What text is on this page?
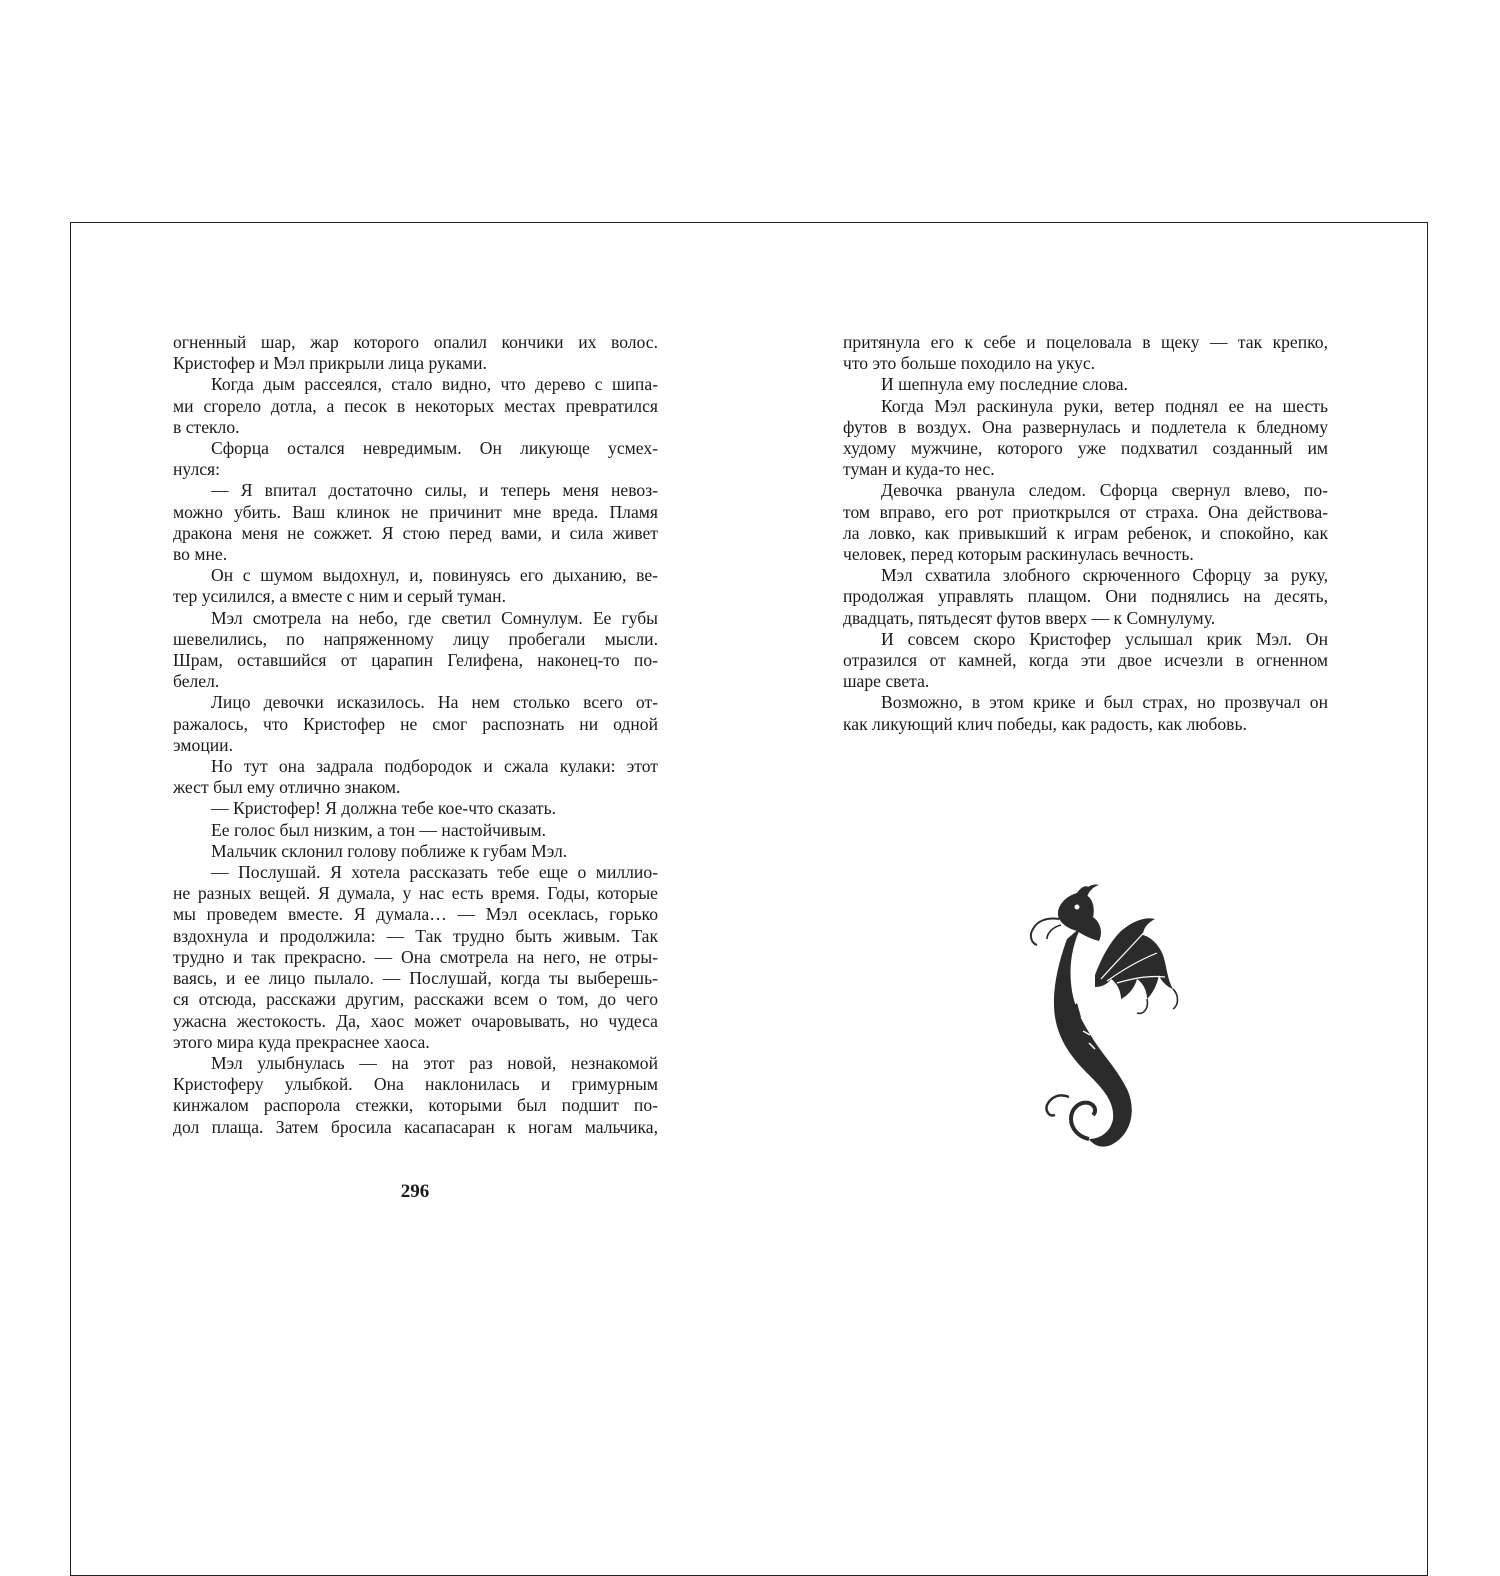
огненный шар, жар которого опалил кончики их волос.
Кристофер и Мэл прикрыли лица руками.
Когда дым рассеялся, стало видно, что дерево с шипа-
ми сгорело дотла, а песок в некоторых местах превратился
в стекло.
Сфорца остался невредимым. Он ликующе усмех-
нулся:
— Я впитал достаточно силы, и теперь меня невоз-
можно убить. Ваш клинок не причинит мне вреда. Пламя
дракона меня не сожжет. Я стою перед вами, и сила живет
во мне.
Он с шумом выдохнул, и, повинуясь его дыханию, ве-
тер усилился, а вместе с ним и серый туман.
Мэл смотрела на небо, где светил Сомнулум. Ее губы
шевелились, по напряженному лицу пробегали мысли.
Шрам, оставшийся от царапин Гелифена, наконец-то по-
белел.
Лицо девочки исказилось. На нем столько всего от-
ражалось, что Кристофер не смог распознать ни одной
эмоции.
Но тут она задрала подбородок и сжала кулаки: этот
жест был ему отлично знаком.
— Кристофер! Я должна тебе кое-что сказать.
Ее голос был низким, а тон — настойчивым.
Мальчик склонил голову поближе к губам Мэл.
— Послушай. Я хотела рассказать тебе еще о миллио-
не разных вещей. Я думала, у нас есть время. Годы, которые
мы проведем вместе. Я думала… — Мэл осеклась, горько
вздохнула и продолжила: — Так трудно быть живым. Так
трудно и так прекрасно. — Она смотрела на него, не отры-
ваясь, и ее лицо пылало. — Послушай, когда ты выберешь-
ся отсюда, расскажи другим, расскажи всем о том, до чего
ужасна жестокость. Да, хаос может очаровывать, но чудеса
этого мира куда прекраснее хаоса.
Мэл улыбнулась — на этот раз новой, незнакомой
Кристоферу улыбкой. Она наклонилась и гримурным
кинжалом распорола стежки, которыми был подшит по-
дол плаща. Затем бросила касапасаран к ногам мальчика,
296
притянула его к себе и поцеловала в щеку — так крепко,
что это больше походило на укус.
И шепнула ему последние слова.
Когда Мэл раскинула руки, ветер поднял ее на шесть
футов в воздух. Она развернулась и подлетела к бледному
худому мужчине, которого уже подхватил созданный им
туман и куда-то нес.
Девочка рванула следом. Сфорца свернул влево, по-
том вправо, его рот приоткрылся от страха. Она действова-
ла ловко, как привыкший к играм ребенок, и спокойно, как
человек, перед которым раскинулась вечность.
Мэл схватила злобного скрюченного Сфорцу за руку,
продолжая управлять плащом. Они поднялись на десять,
двадцать, пятьдесят футов вверх — к Сомнулуму.
И совсем скоро Кристофер услышал крик Мэл. Он
отразился от камней, когда эти двое исчезли в огненном
шаре света.
Возможно, в этом крике и был страх, но прозвучал он
как ликующий клич победы, как радость, как любовь.
